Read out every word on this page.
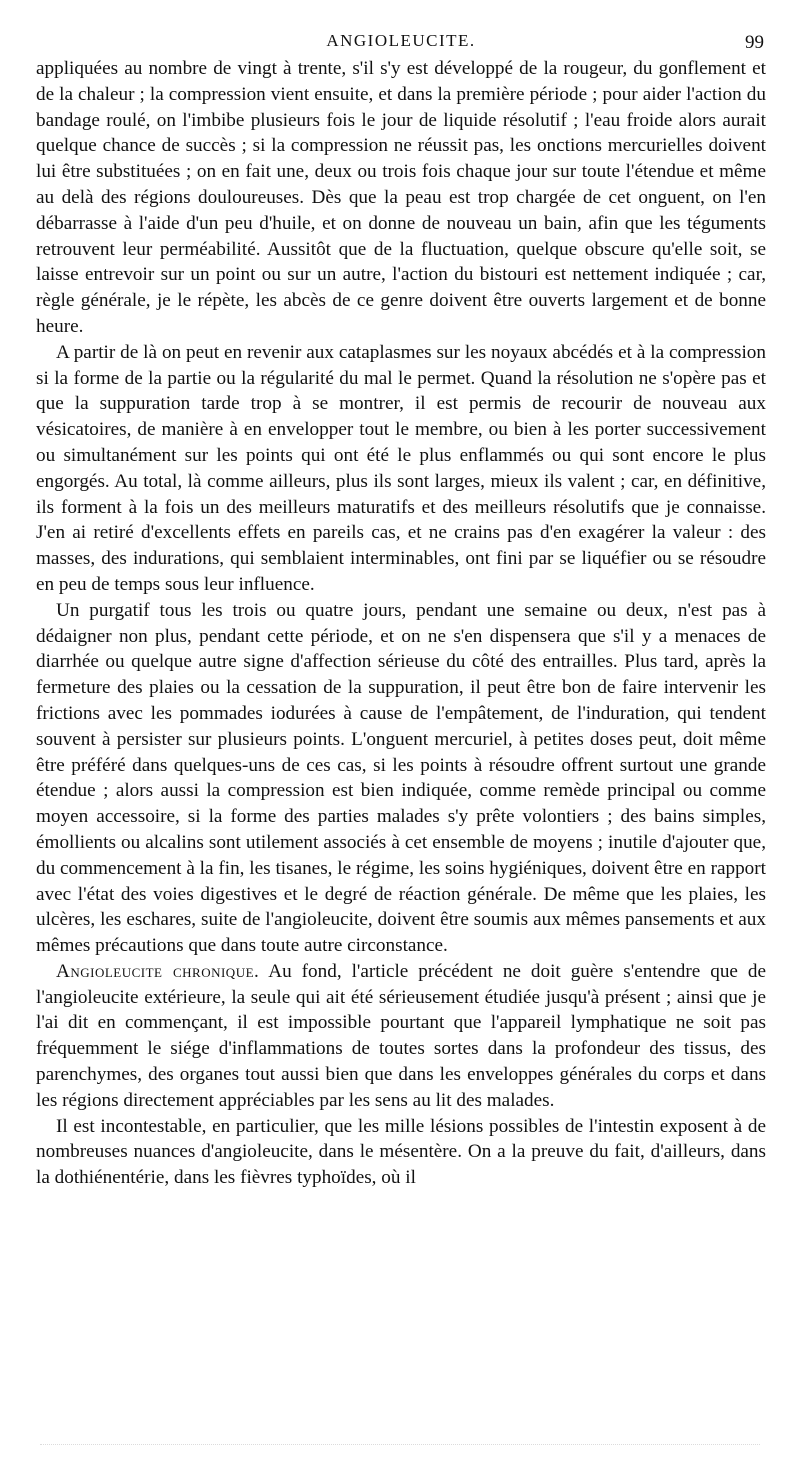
ANGIOLEUCITE.	99

appliquées au nombre de vingt à trente, s'il s'y est développé de la rougeur, du gonflement et de la chaleur ; la compression vient ensuite, et dans la première période ; pour aider l'action du bandage roulé, on l'imbibe plusieurs fois le jour de liquide résolutif ; l'eau froide alors aurait quelque chance de succès ; si la compression ne réussit pas, les onctions mercurielles doivent lui être substituées ; on en fait une, deux ou trois fois chaque jour sur toute l'étendue et même au delà des régions douloureuses. Dès que la peau est trop chargée de cet onguent, on l'en débarrasse à l'aide d'un peu d'huile, et on donne de nouveau un bain, afin que les téguments retrouvent leur perméabilité. Aussitôt que de la fluctuation, quelque obscure qu'elle soit, se laisse entrevoir sur un point ou sur un autre, l'action du bistouri est nettement indiquée ; car, règle générale, je le répète, les abcès de ce genre doivent être ouverts largement et de bonne heure.

A partir de là on peut en revenir aux cataplasmes sur les noyaux abcédés et à la compression si la forme de la partie ou la régularité du mal le permet. Quand la résolution ne s'opère pas et que la suppuration tarde trop à se montrer, il est permis de recourir de nouveau aux vésicatoires, de manière à en envelopper tout le membre, ou bien à les porter successivement ou simultanément sur les points qui ont été le plus enflammés ou qui sont encore le plus engorgés. Au total, là comme ailleurs, plus ils sont larges, mieux ils valent ; car, en définitive, ils forment à la fois un des meilleurs maturatifs et des meilleurs résolutifs que je connaisse. J'en ai retiré d'excellents effets en pareils cas, et ne crains pas d'en exagérer la valeur : des masses, des indurations, qui semblaient interminables, ont fini par se liquéfier ou se résoudre en peu de temps sous leur influence.

Un purgatif tous les trois ou quatre jours, pendant une semaine ou deux, n'est pas à dédaigner non plus, pendant cette période, et on ne s'en dispensera que s'il y a menaces de diarrhée ou quelque autre signe d'affection sérieuse du côté des entrailles. Plus tard, après la fermeture des plaies ou la cessation de la suppuration, il peut être bon de faire intervenir les frictions avec les pommades iodurées à cause de l'empâtement, de l'induration, qui tendent souvent à persister sur plusieurs points. L'onguent mercuriel, à petites doses peut, doit même être préféré dans quelques-uns de ces cas, si les points à résoudre offrent surtout une grande étendue ; alors aussi la compression est bien indiquée, comme remède principal ou comme moyen accessoire, si la forme des parties malades s'y prête volontiers ; des bains simples, émollients ou alcalins sont utilement associés à cet ensemble de moyens ; inutile d'ajouter que, du commencement à la fin, les tisanes, le régime, les soins hygiéniques, doivent être en rapport avec l'état des voies digestives et le degré de réaction générale. De même que les plaies, les ulcères, les eschares, suite de l'angioleucite, doivent être soumis aux mêmes pansements et aux mêmes précautions que dans toute autre circonstance.

Angioleucite chronique. Au fond, l'article précédent ne doit guère s'entendre que de l'angioleucite extérieure, la seule qui ait été sérieusement étudiée jusqu'à présent ; ainsi que je l'ai dit en commençant, il est impossible pourtant que l'appareil lymphatique ne soit pas fréquemment le siége d'inflammations de toutes sortes dans la profondeur des tissus, des parenchymes, des organes tout aussi bien que dans les enveloppes générales du corps et dans les régions directement appréciables par les sens au lit des malades.

Il est incontestable, en particulier, que les mille lésions possibles de l'intestin exposent à de nombreuses nuances d'angioleucite, dans le mésentère. On a la preuve du fait, d'ailleurs, dans la dothiénentérie, dans les fièvres typhoïdes, où il
